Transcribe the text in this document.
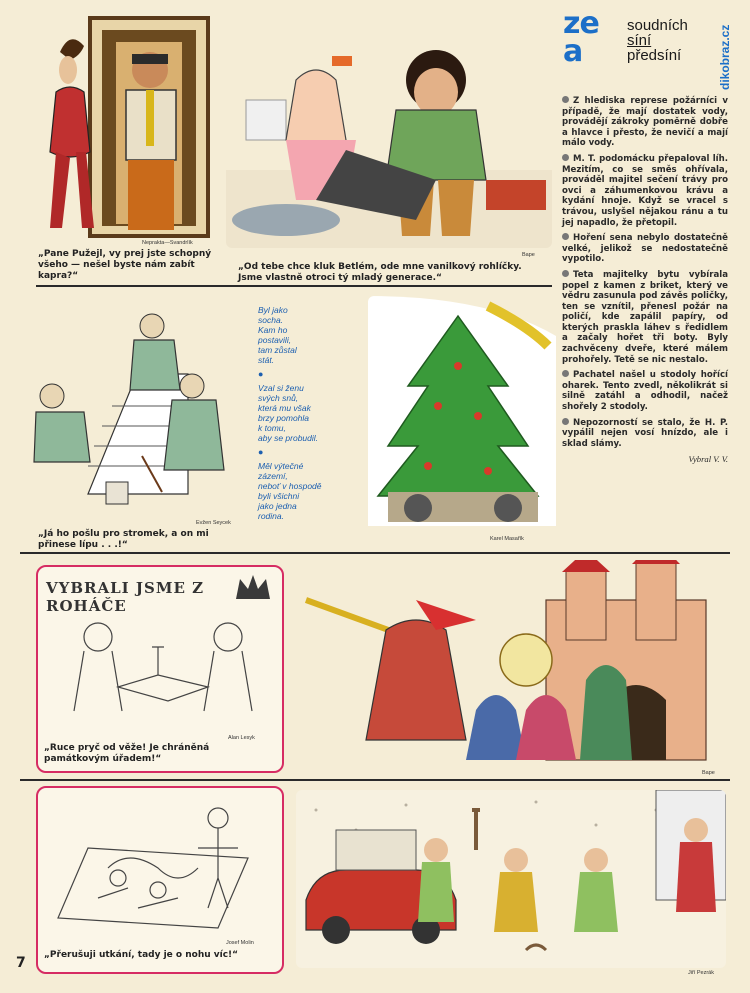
ze
a
soudních
síní
předsíní	dikobraz.cz
Neprakta—Svandrlík
„Pane Pužejl, vy prej jste schopný všeho — nešel byste nám zabít kapra?“
Bape
„Od tebe chce kluk Betlém, ode mne vanilkový rohlíčky. Jsme vlastně otroci tý mladý generace.“
Evžen Seycek
„Já ho pošlu pro stromek, a on mi přinese lípu . . .!“

Byl jako
socha.
Kam ho
postavili,
tam zůstal
stát.

●

Vzal si ženu
svých snů,
která mu však
brzy pomohla
k tomu,
aby se probudil.

●

Měl výtečné
zázemí,
neboť v hospodě
byli všichni
jako jedna
rodina.

Karel Masařík

Z hlediska represe požárníci v případě, že mají dostatek vody, provádějí zákroky poměrně dobře a hlavce i přesto, že nevičí a mají málo vody.

M. T. podomácku přepaloval líh. Mezitím, co se směs ohřívala, prováděl majitel sečení trávy pro ovci a záhumenkovou krávu a kydání hnoje. Když se vracel s trávou, uslyšel nějakou ránu a tu jej napadlo, že přetopil.

Hoření sena nebylo dostatečně velké, jelikož se nedostatečně vypotilo.

Teta majitelky bytu vybírala popel z kamen z briket, který ve vědru zasunula pod závěs poličky, ten se vznítil, přenesl požár na poličí, kde zapálil papíry, od kterých praskla láhev s ředidlem a začaly hořet tři boty. Byly zachvěceny dveře, které málem prohořely. Tetě se nic nestalo.

Pachatel našel u stodoly hořící oharek. Tento zvedl, několikrát si silně zatáhl a odhodil, načež shořely 2 stodoly.

Nepozorností se stalo, že H. P. vypálil nejen vosí hnízdo, ale i sklad slámy.

Vybral V. V.
VYBRALI JSME Z ROHÁČE
Alan Lesyk
„Ruce pryč od věže! Je chráněná památkovým úřadem!“
Bape
Josef Molin
„Přerušuji utkání, tady je o nohu víc!“
Jiří Pezrák
7
